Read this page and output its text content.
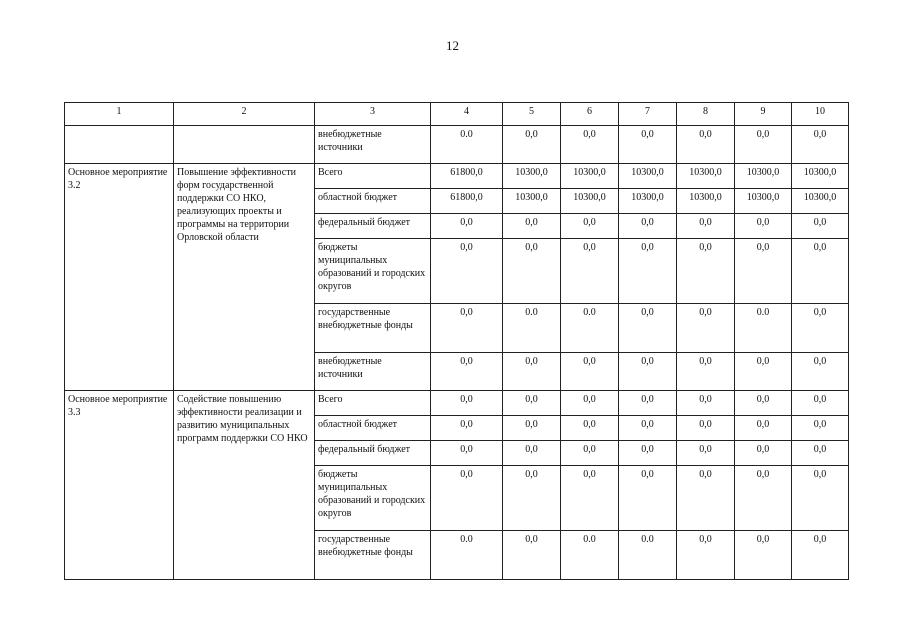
12
1	2	3	4	5	6	7	8	9	10
		внебюджетные источники	0.0	0,0	0,0	0,0	0,0	0,0	0,0
Основное мероприятие 3.2	Повышение эффективности форм государственной поддержки СО НКО, реализующих проекты и программы на территории Орловской области	Всего	61800,0	10300,0	10300,0	10300,0	10300,0	10300,0	10300,0
		областной бюджет	61800,0	10300,0	10300,0	10300,0	10300,0	10300,0	10300,0
		федеральный бюджет	0,0	0,0	0,0	0,0	0,0	0,0	0,0
		бюджеты муниципальных образований и городских округов	0,0	0,0	0,0	0,0	0,0	0,0	0,0
		государственные внебюджетные фонды	0,0	0.0	0.0	0,0	0,0	0.0	0,0
		внебюджетные источники	0,0	0,0	0,0	0,0	0,0	0,0	0,0
Основное мероприятие 3.3	Содействие повышению эффективности реализации и развитию муниципальных программ поддержки СО НКО	Всего	0,0	0,0	0,0	0,0	0,0	0,0	0,0
		областной бюджет	0,0	0,0	0,0	0,0	0,0	0,0	0,0
		федеральный бюджет	0,0	0,0	0,0	0,0	0,0	0,0	0,0
		бюджеты муниципальных образований и городских округов	0,0	0,0	0,0	0,0	0,0	0,0	0,0
		государственные внебюджетные фонды	0.0	0,0	0.0	0.0	0,0	0,0	0,0
